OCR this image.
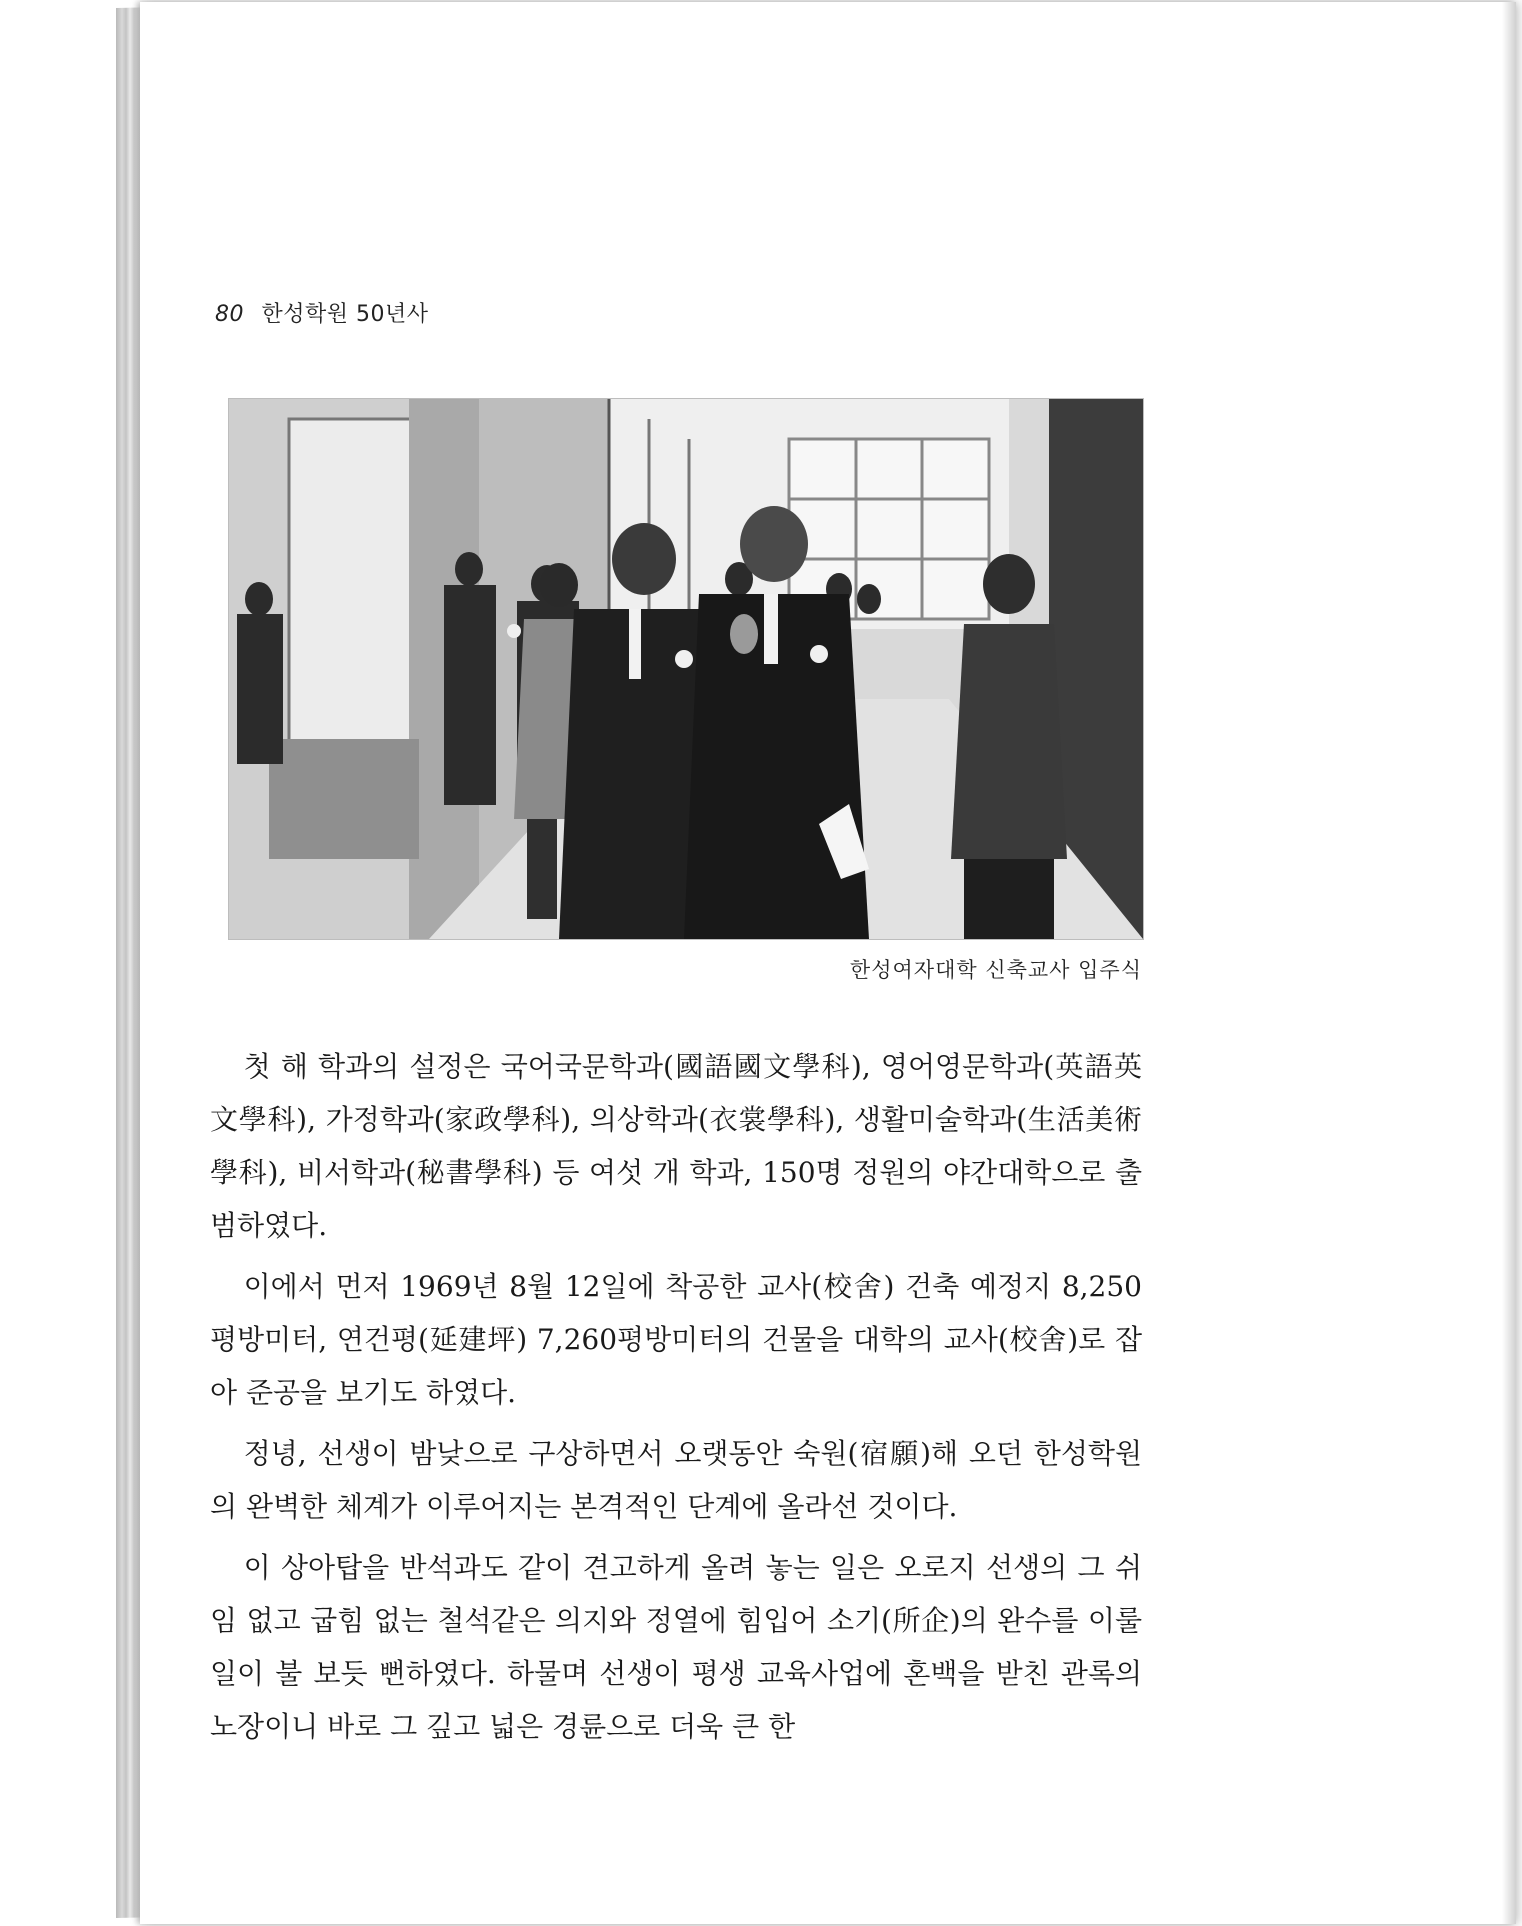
80 한성학원 50년사
한성여자대학 신축교사 입주식

첫 해 학과의 설정은 국어국문학과(國語國文學科), 영어영문학과(英語英文學科), 가정학과(家政學科), 의상학과(衣裳學科), 생활미술학과(生活美術學科), 비서학과(秘書學科) 등 여섯 개 학과, 150명 정원의 야간대학으로 출범하였다.

이에서 먼저 1969년 8월 12일에 착공한 교사(校舍) 건축 예정지 8,250평방미터, 연건평(延建坪) 7,260평방미터의 건물을 대학의 교사(校舍)로 잡아 준공을 보기도 하였다.

정녕, 선생이 밤낮으로 구상하면서 오랫동안 숙원(宿願)해 오던 한성학원의 완벽한 체계가 이루어지는 본격적인 단계에 올라선 것이다.

이 상아탑을 반석과도 같이 견고하게 올려 놓는 일은 오로지 선생의 그 쉬임 없고 굽힘 없는 철석같은 의지와 정열에 힘입어 소기(所企)의 완수를 이룰 일이 불 보듯 뻔하였다. 하물며 선생이 평생 교육사업에 혼백을 받친 관록의 노장이니 바로 그 깊고 넓은 경륜으로 더욱 큰 한
